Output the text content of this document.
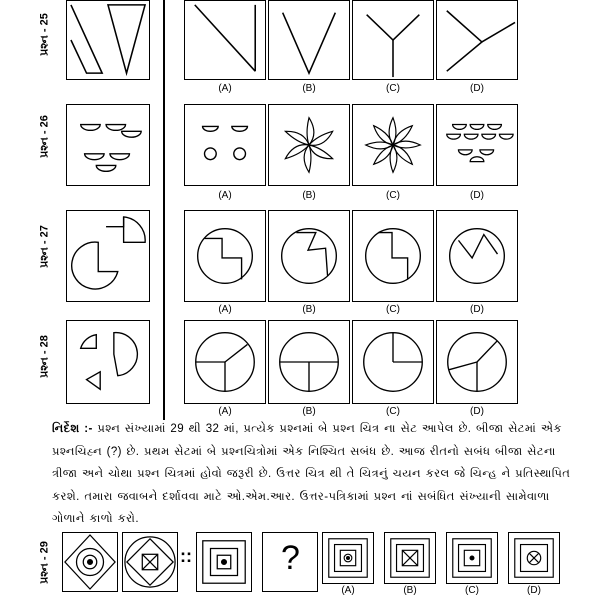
પ્રશ્ન - 25
(A)	(B)	(C)	(D)
પ્રશ્ન - 26
(A)	(B)	(C)	(D)
પ્રશ્ન - 27
(A)	(B)	(C)	(D)
પ્રશ્ન - 28
(A)	(B)	(C)	(D)
નિર્દેશ :- પ્રશ્ન સંખ્યામાં 29 થી 32 માં, પ્રત્યેક પ્રશ્નમાં બે પ્રશ્ન ચિત્ર ના સેટ આપેલ છે. બીજા સેટમાં એક પ્રશ્નચિહ્ન (?) છે. પ્રથમ સેટમાં બે પ્રશ્નચિત્રોમાં એક નિશ્ચિત સબંધ છે. આજ રીતનો સબંધ બીજા સેટના ત્રીજા અને ચોથા પ્રશ્ન ચિત્રમાં હોવો જરૂરી છે. ઉત્તર ચિત્ર થી તે ચિત્રનું ચયન કરલ જે ચિન્હ ને પ્રતિસ્થાપિત કરશે. તમારા જવાબને દર્શાવવા માટે ઓ.એમ.આર. ઉત્તર-પત્રિકામાં પ્રશ્ન નાં સબંધિત સંખ્યાની સામેવાળા ગોળાને કાળો કરો.
પ્રશ્ન - 29	::	?
(A)	(B)	(C)	(D)
